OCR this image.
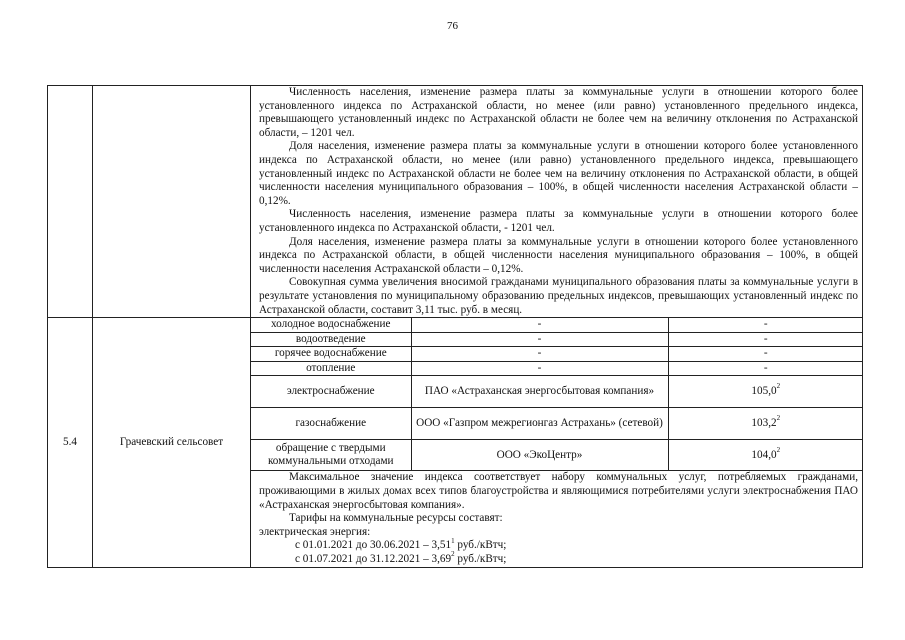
76

Численность населения, изменение размера платы за коммунальные услуги в отношении которого более установленного индекса по Астраханской области, но менее (или равно) установленного предельного индекса, превышающего установленный индекс по Астраханской области не более чем на величину отклонения по Астраханской области, – 1201 чел.

Доля населения, изменение размера платы за коммунальные услуги в отношении которого более установленного индекса по Астраханской области, но менее (или равно) установленного предельного индекса, превышающего установленный индекс по Астраханской области не более чем на величину отклонения по Астраханской области, в общей численности населения муниципального образования – 100%, в общей численности населения Астраханской области – 0,12%.

Численность населения, изменение размера платы за коммунальные услуги в отношении которого более установленного индекса по Астраханской области, - 1201 чел.

Доля населения, изменение размера платы за коммунальные услуги в отношении которого более установленного индекса по Астраханской области, в общей численности населения муниципального образования – 100%, в общей численности населения Астраханской области – 0,12%.

Совокупная сумма увеличения вносимой гражданами муниципального образования платы за коммунальные услуги в результате установления по муниципальному образованию предельных индексов, превышающих установленный индекс по Астраханской области, составит 3,11 тыс. руб. в месяц.

5.4	Грачевский сельсовет	
холодное водоснабжение	-	-
водоотведение	-	-
горячее водоснабжение	-	-
отопление	-	-
электроснабжение	ПАО «Астраханская энергосбытовая компания»	105,0$^2$
газоснабжение	ООО «Газпром межрегионгаз Астрахань» (сетевой)	103,2$^2$
обращение с твердыми коммунальными отходами	ООО «ЭкоЦентр»	104,0$^2$

Максимальное значение индекса соответствует набору коммунальных услуг, потребляемых гражданами, проживающими в жилых домах всех типов благоустройства и являющимися потребителями услуги электроснабжения ПАО «Астраханская энергосбытовая компания».

Тарифы на коммунальные ресурсы составят:

электрическая энергия:

с 01.01.2021 до 30.06.2021 – 3,51$^1$ руб./кВтч;

с 01.07.2021 до 31.12.2021 – 3,69$^2$ руб./кВтч;
